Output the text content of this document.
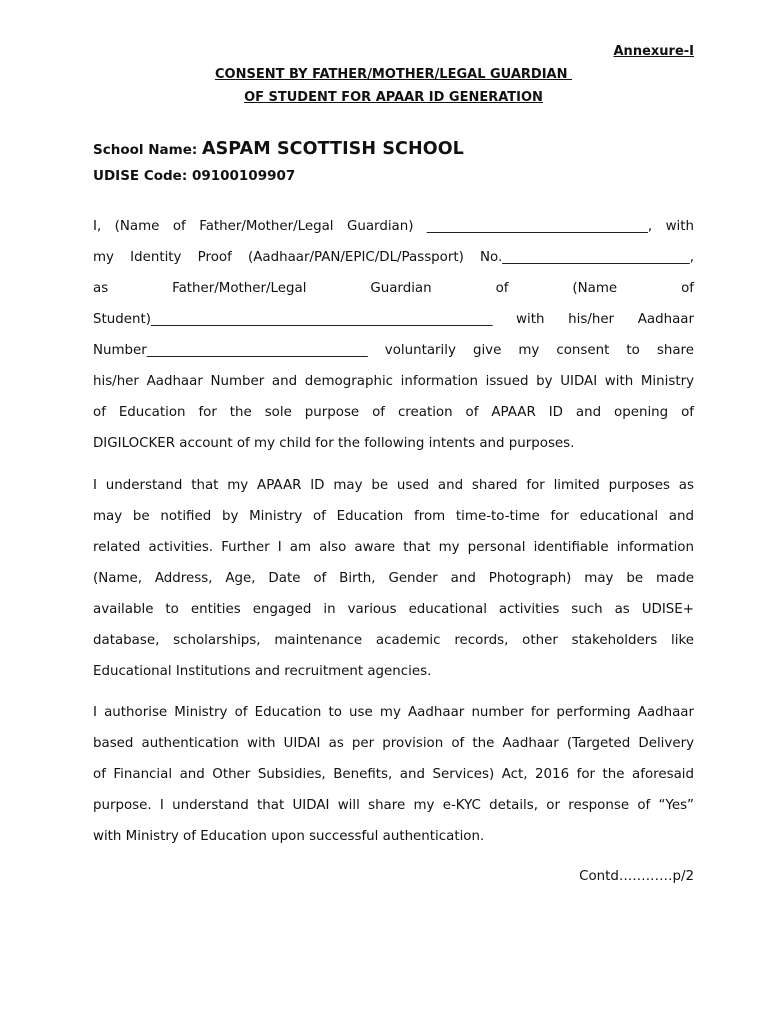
Annexure-I

CONSENT BY FATHER/MOTHER/LEGAL GUARDIAN

OF STUDENT FOR APAAR ID GENERATION

School Name: ASPAM SCOTTISH SCHOOL

UDISE Code: 09100109907

I, (Name of Father/Mother/Legal Guardian) _________________________________, with
my Identity Proof (Aadhaar/PAN/EPIC/DL/Passport) No.____________________________,
as Father/Mother/Legal Guardian of (Name of
Student)___________________________________________________ with his/her Aadhaar
Number_________________________________ voluntarily give my consent to share
his/her Aadhaar Number and demographic information issued by UIDAI with Ministry
of Education for the sole purpose of creation of APAAR ID and opening of
DIGILOCKER account of my child for the following intents and purposes.
I understand that my APAAR ID may be used and shared for limited purposes as
may be notified by Ministry of Education from time-to-time for educational and
related activities. Further I am also aware that my personal identifiable information
(Name, Address, Age, Date of Birth, Gender and Photograph) may be made
available to entities engaged in various educational activities such as UDISE+
database, scholarships, maintenance academic records, other stakeholders like
Educational Institutions and recruitment agencies.
I authorise Ministry of Education to use my Aadhaar number for performing Aadhaar
based authentication with UIDAI as per provision of the Aadhaar (Targeted Delivery
of Financial and Other Subsidies, Benefits, and Services) Act, 2016 for the aforesaid
purpose. I understand that UIDAI will share my e-KYC details, or response of “Yes”
with Ministry of Education upon successful authentication.

Contd…………p/2
